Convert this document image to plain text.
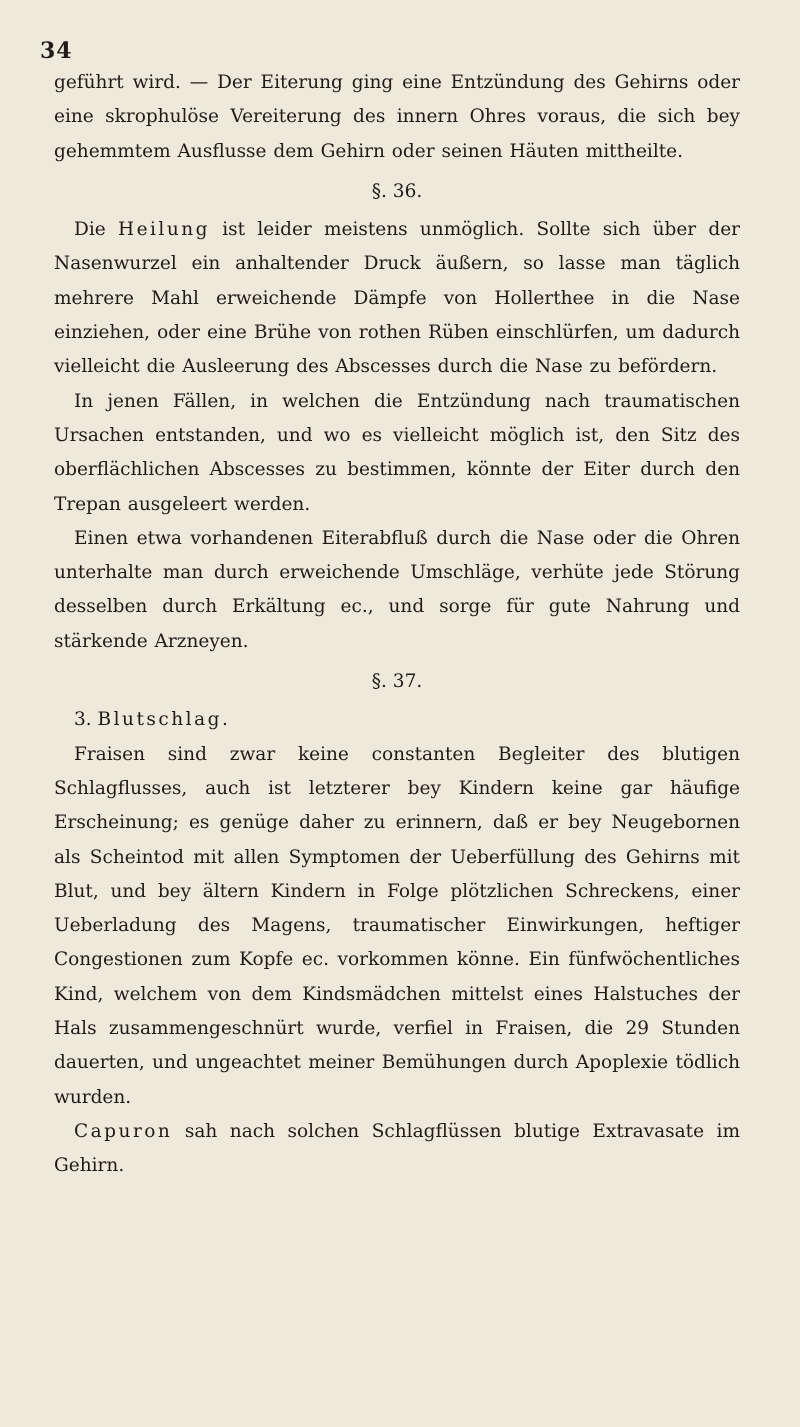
34

geführt wird. — Der Eiterung ging eine Entzündung des Gehirns oder eine skrophulöse Vereiterung des innern Ohres voraus, die sich bey gehemmtem Ausflusse dem Gehirn oder seinen Häuten mittheilte.

§. 36.

Die Heilung ist leider meistens unmöglich. Sollte sich über der Nasenwurzel ein anhaltender Druck äußern, so lasse man täglich mehrere Mahl erweichende Dämpfe von Hollerthee in die Nase einziehen, oder eine Brühe von rothen Rüben einschlürfen, um dadurch vielleicht die Ausleerung des Abscesses durch die Nase zu befördern.

In jenen Fällen, in welchen die Entzündung nach traumatischen Ursachen entstanden, und wo es vielleicht möglich ist, den Sitz des oberflächlichen Abscesses zu bestimmen, könnte der Eiter durch den Trepan ausgeleert werden.

Einen etwa vorhandenen Eiterabfluß durch die Nase oder die Ohren unterhalte man durch erweichende Umschläge, verhüte jede Störung desselben durch Erkältung ec., und sorge für gute Nahrung und stärkende Arzneyen.

§. 37.

3. Blutschlag.

Fraisen sind zwar keine constanten Begleiter des blutigen Schlagflusses, auch ist letzterer bey Kindern keine gar häufige Erscheinung; es genüge daher zu erinnern, daß er bey Neugebornen als Scheintod mit allen Symptomen der Ueberfüllung des Gehirns mit Blut, und bey ältern Kindern in Folge plötzlichen Schreckens, einer Ueberladung des Magens, traumatischer Einwirkungen, heftiger Congestionen zum Kopfe ec. vorkommen könne. Ein fünfwöchentliches Kind, welchem von dem Kindsmädchen mittelst eines Halstuches der Hals zusammengeschnürt wurde, verfiel in Fraisen, die 29 Stunden dauerten, und ungeachtet meiner Bemühungen durch Apoplexie tödlich wurden.

Capuron sah nach solchen Schlagflüssen blutige Extravasate im Gehirn.
